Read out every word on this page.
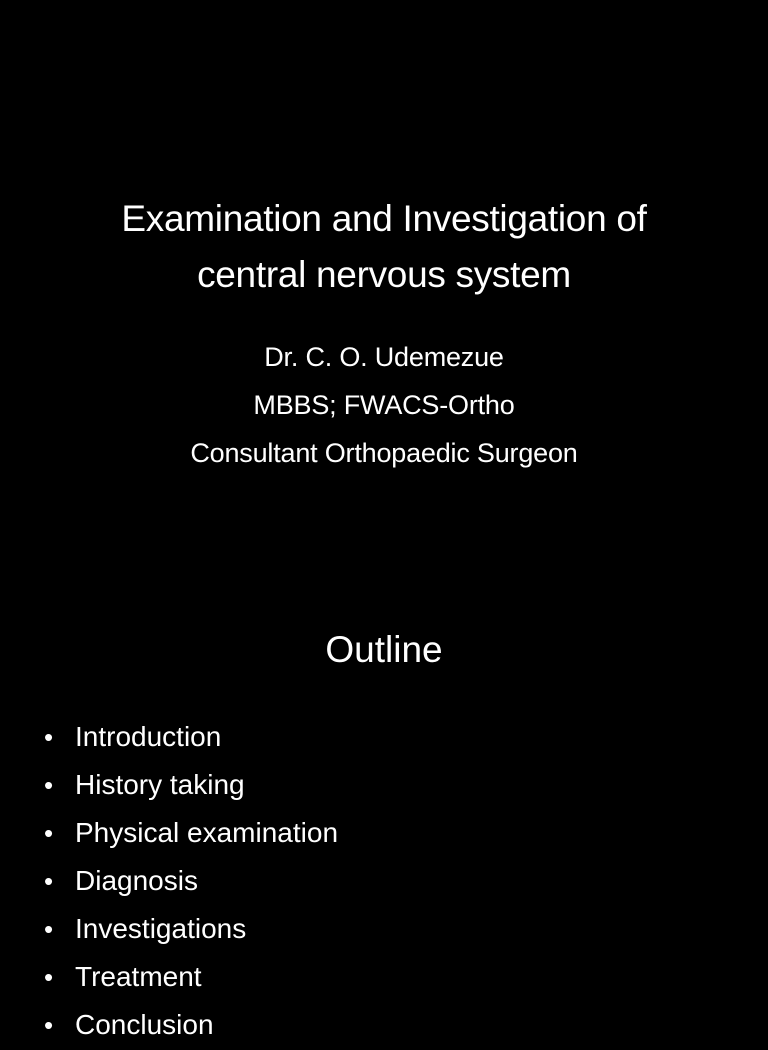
Examination and Investigation of
central nervous system
Dr. C. O. Udemezue
MBBS; FWACS-Ortho
Consultant Orthopaedic Surgeon
Outline
• Introduction
• History taking
• Physical examination
• Diagnosis
• Investigations
• Treatment
• Conclusion
